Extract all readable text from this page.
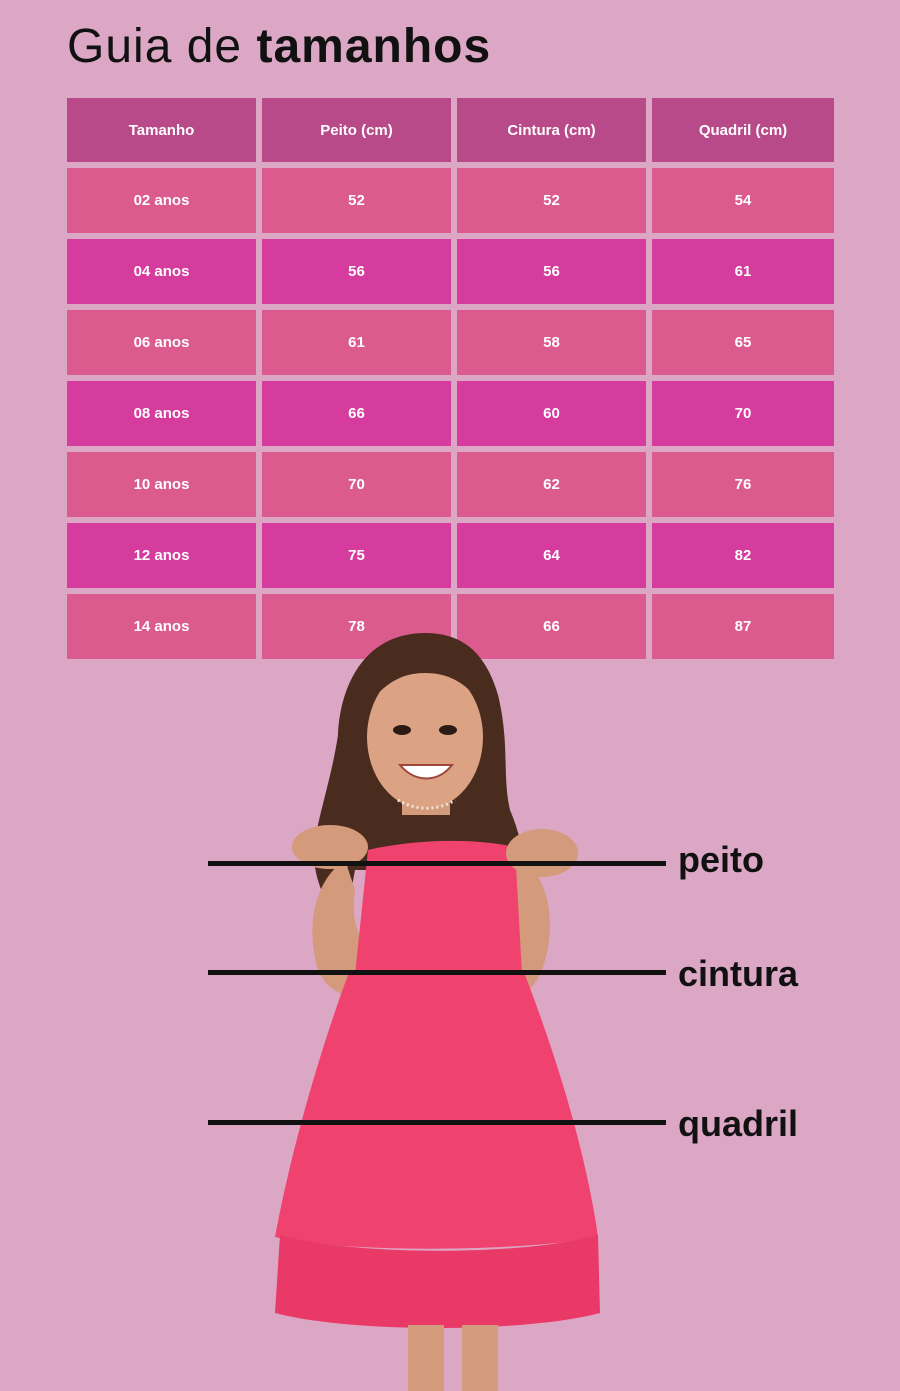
Guia de tamanhos
Tamanho	Peito (cm)	Cintura (cm)	Quadril (cm)
02 anos	52	52	54
04 anos	56	56	61
06 anos	61	58	65
08 anos	66	60	70
10 anos	70	62	76
12 anos	75	64	82
14 anos	78	66	87
peito
cintura
quadril
